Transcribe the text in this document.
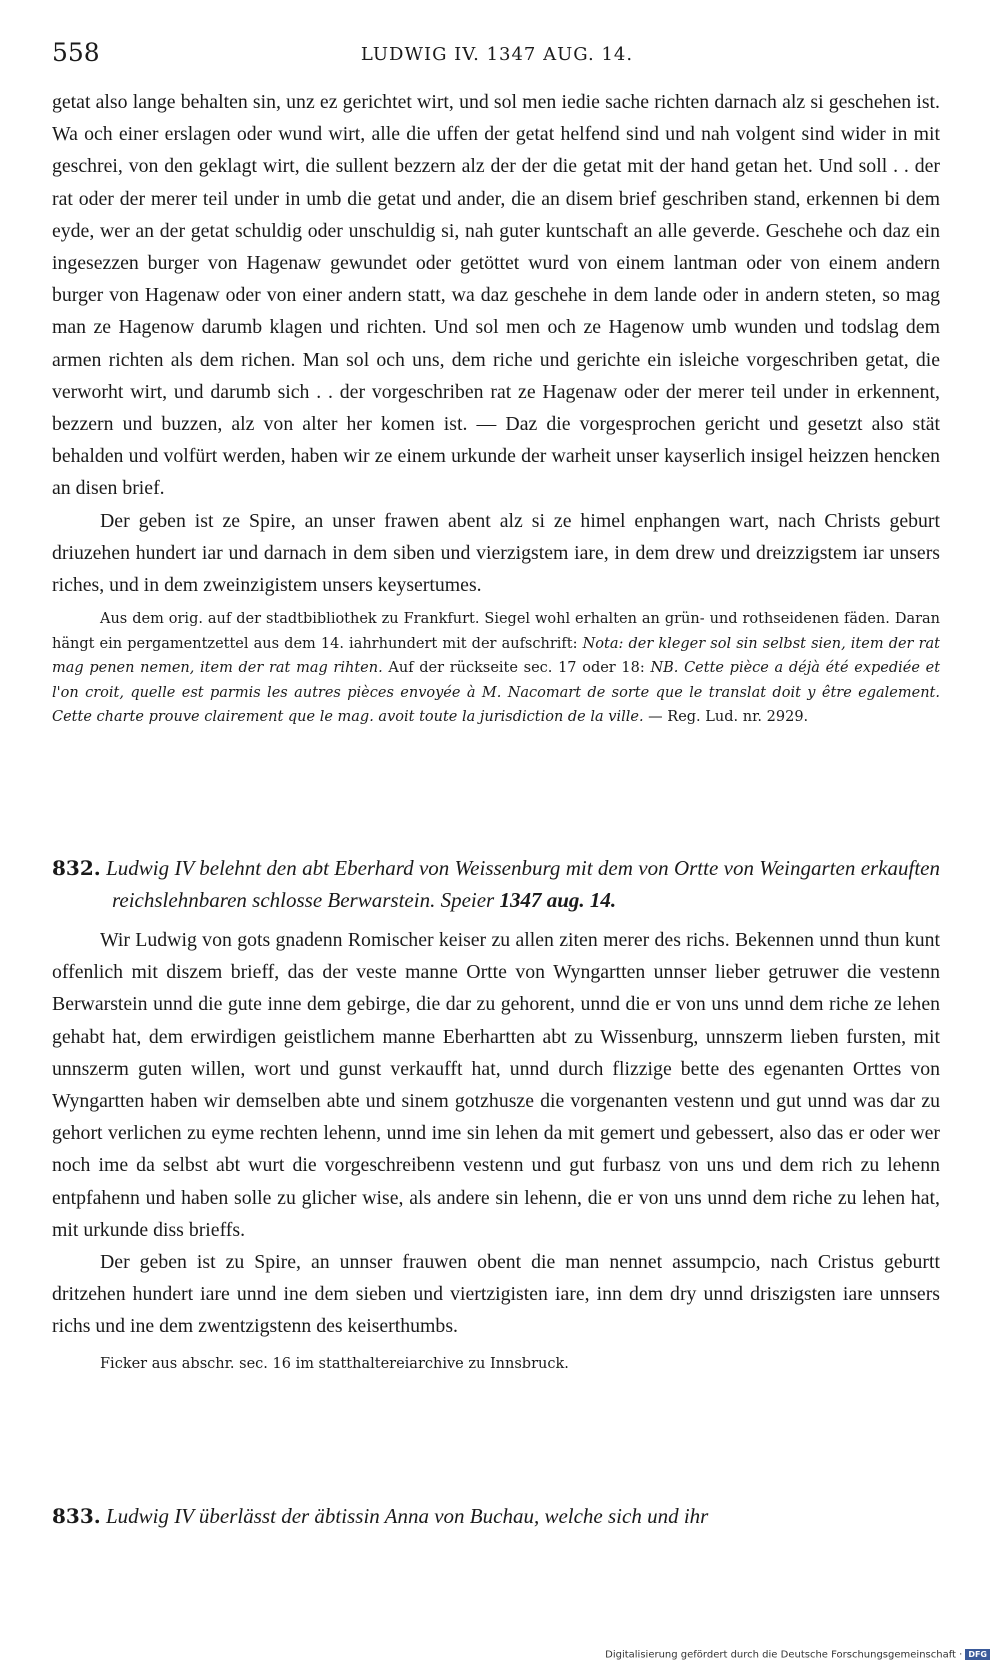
558	LUDWIG IV. 1347 AUG. 14.

getat also lange behalten sin, unz ez gerichtet wirt, und sol men iedie sache richten darnach alz si geschehen ist. Wa och einer erslagen oder wund wirt, alle die uffen der getat helfend sind und nah volgent sind wider in mit geschrei, von den geklagt wirt, die sullent bezzern alz der der die getat mit der hand getan het. Und soll . . der rat oder der merer teil under in umb die getat und ander, die an disem brief geschriben stand, erkennen bi dem eyde, wer an der getat schuldig oder unschuldig si, nah guter kuntschaft an alle geverde. Geschehe och daz ein ingesezzen burger von Hagenaw gewundet oder getöttet wurd von einem lantman oder von einem andern burger von Hagenaw oder von einer andern statt, wa daz geschehe in dem lande oder in andern steten, so mag man ze Hagenow darumb klagen und richten. Und sol men och ze Hagenow umb wunden und todslag dem armen richten als dem richen. Man sol och uns, dem riche und gerichte ein isleiche vorgeschriben getat, die verworht wirt, und darumb sich . . der vorgeschriben rat ze Hagenaw oder der merer teil under in erkennent, bezzern und buzzen, alz von alter her komen ist. — Daz die vorgesprochen gericht und gesetzt also stät behalden und volfürt werden, haben wir ze einem urkunde der warheit unser kayserlich insigel heizzen hencken an disen brief.

Der geben ist ze Spire, an unser frawen abent alz si ze himel enphangen wart, nach Christs geburt driuzehen hundert iar und darnach in dem siben und vierzigstem iare, in dem drew und dreizzigstem iar unsers riches, und in dem zweinzigistem unsers keysertumes.

Aus dem orig. auf der stadtbibliothek zu Frankfurt. Siegel wohl erhalten an grün- und rothseidenen fäden. Daran hängt ein pergamentzettel aus dem 14. iahrhundert mit der aufschrift: Nota: der kleger sol sin selbst sien, item der rat mag penen nemen, item der rat mag rihten. Auf der rückseite sec. 17 oder 18: NB. Cette pièce a déjà été expediée et l'on croit, quelle est parmis les autres pièces envoyée à M. Nacomart de sorte que le translat doit y être egalement. Cette charte prouve clairement que le mag. avoit toute la jurisdiction de la ville. — Reg. Lud. nr. 2929.

832. Ludwig IV belehnt den abt Eberhard von Weissenburg mit dem von Ortte von Weingarten erkauften reichslehnbaren schlosse Berwarstein. Speier 1347 aug. 14.

Wir Ludwig von gots gnadenn Romischer keiser zu allen ziten merer des richs. Bekennen unnd thun kunt offenlich mit diszem brieff, das der veste manne Ortte von Wyngartten unnser lieber getruwer die vestenn Berwarstein unnd die gute inne dem gebirge, die dar zu gehorent, unnd die er von uns unnd dem riche ze lehen gehabt hat, dem erwirdigen geistlichem manne Eberhartten abt zu Wissenburg, unnszerm lieben fursten, mit unnszerm guten willen, wort und gunst verkaufft hat, unnd durch flizzige bette des egenanten Orttes von Wyngartten haben wir demselben abte und sinem gotzhusze die vorgenanten vestenn und gut unnd was dar zu gehort verlichen zu eyme rechten lehenn, unnd ime sin lehen da mit gemert und gebessert, also das er oder wer noch ime da selbst abt wurt die vorgeschreibenn vestenn und gut furbasz von uns und dem rich zu lehenn entpfahenn und haben solle zu glicher wise, als andere sin lehenn, die er von uns unnd dem riche zu lehen hat, mit urkunde diss brieffs.

Der geben ist zu Spire, an unnser frauwen obent die man nennet assumpcio, nach Cristus geburtt dritzehen hundert iare unnd ine dem sieben und viertzigisten iare, inn dem dry unnd driszigsten iare unnsers richs und ine dem zwentzigstenn des keiserthumbs.

Ficker aus abschr. sec. 16 im statthaltereiarchive zu Innsbruck.

833. Ludwig IV überlässt der äbtissin Anna von Buchau, welche sich und ihr

Digitalisierung gefördert durch die Deutsche Forschungsgemeinschaft · DFG
